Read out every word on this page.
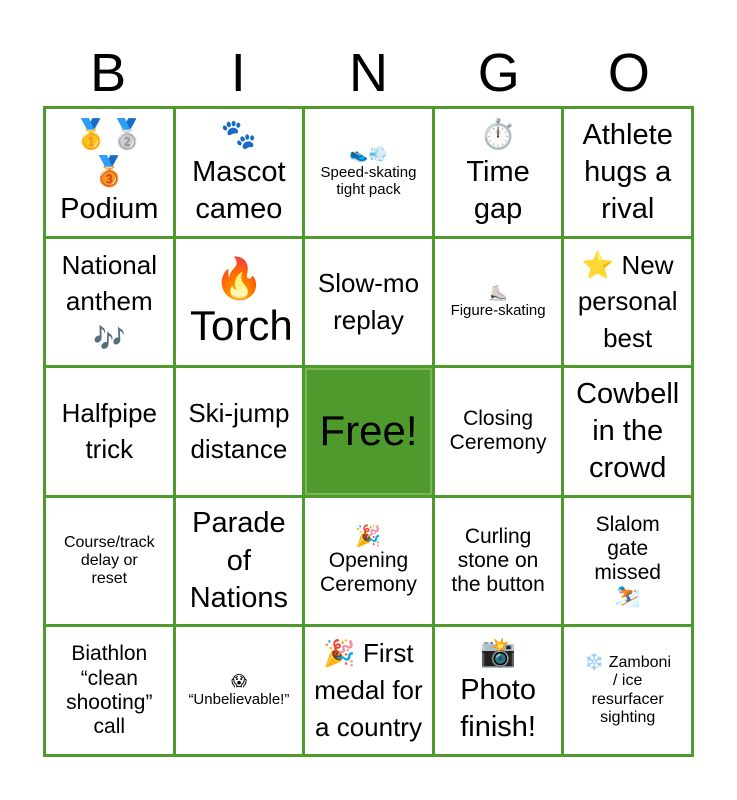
B	I	N	G	O
🥇🥈
🥉
Podium
🐾
Mascot
cameo
👟💨
Speed-skating
tight pack
⏱️
Time
gap
Athlete
hugs a
rival
National
anthem
🎶
🔥
Torch
Slow-mo
replay
⛸️
Figure-skating
⭐ New
personal
best
Halfpipe
trick
Ski-jump
distance Free!	Closing
Ceremony
Cowbell
in the
crowd
Course/track
delay or
reset
Parade
of
Nations
🎉
Opening
Ceremony
Curling
stone on
the button
Slalom
gate
missed
⛷️
Biathlon
“clean
shooting”
call
😱
“Unbelievable!”
🎉 First
medal for
a country
📸
Photo
finish!
❄️ Zamboni
/ ice
resurfacer
sighting
